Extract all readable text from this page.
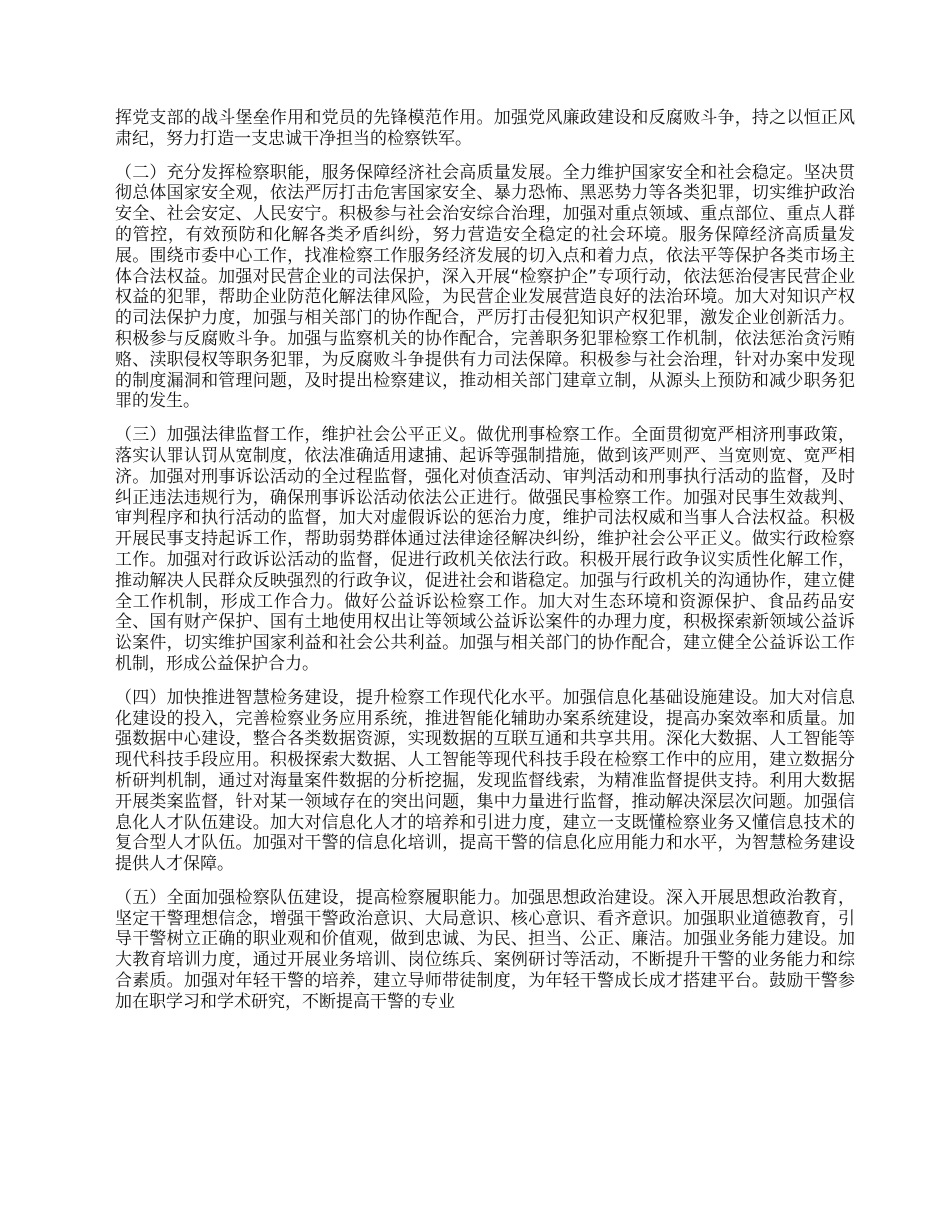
挥党支部的战斗堡垒作用和党员的先锋模范作用。加强党风廉政建设和反腐败斗争，持之以恒正风肃纪，努力打造一支忠诚干净担当的检察铁军。

（二）充分发挥检察职能，服务保障经济社会高质量发展。全力维护国家安全和社会稳定。坚决贯彻总体国家安全观，依法严厉打击危害国家安全、暴力恐怖、黑恶势力等各类犯罪，切实维护政治安全、社会安定、人民安宁。积极参与社会治安综合治理，加强对重点领域、重点部位、重点人群的管控，有效预防和化解各类矛盾纠纷，努力营造安全稳定的社会环境。服务保障经济高质量发展。围绕市委中心工作，找准检察工作服务经济发展的切入点和着力点，依法平等保护各类市场主体合法权益。加强对民营企业的司法保护，深入开展“检察护企”专项行动，依法惩治侵害民营企业权益的犯罪，帮助企业防范化解法律风险，为民营企业发展营造良好的法治环境。加大对知识产权的司法保护力度，加强与相关部门的协作配合，严厉打击侵犯知识产权犯罪，激发企业创新活力。积极参与反腐败斗争。加强与监察机关的协作配合，完善职务犯罪检察工作机制，依法惩治贪污贿赂、渎职侵权等职务犯罪，为反腐败斗争提供有力司法保障。积极参与社会治理，针对办案中发现的制度漏洞和管理问题，及时提出检察建议，推动相关部门建章立制，从源头上预防和减少职务犯罪的发生。

（三）加强法律监督工作，维护社会公平正义。做优刑事检察工作。全面贯彻宽严相济刑事政策，落实认罪认罚从宽制度，依法准确适用逮捕、起诉等强制措施，做到该严则严、当宽则宽、宽严相济。加强对刑事诉讼活动的全过程监督，强化对侦查活动、审判活动和刑事执行活动的监督，及时纠正违法违规行为，确保刑事诉讼活动依法公正进行。做强民事检察工作。加强对民事生效裁判、审判程序和执行活动的监督，加大对虚假诉讼的惩治力度，维护司法权威和当事人合法权益。积极开展民事支持起诉工作，帮助弱势群体通过法律途径解决纠纷，维护社会公平正义。做实行政检察工作。加强对行政诉讼活动的监督，促进行政机关依法行政。积极开展行政争议实质性化解工作，推动解决人民群众反映强烈的行政争议，促进社会和谐稳定。加强与行政机关的沟通协作，建立健全工作机制，形成工作合力。做好公益诉讼检察工作。加大对生态环境和资源保护、食品药品安全、国有财产保护、国有土地使用权出让等领域公益诉讼案件的办理力度，积极探索新领域公益诉讼案件，切实维护国家利益和社会公共利益。加强与相关部门的协作配合，建立健全公益诉讼工作机制，形成公益保护合力。

（四）加快推进智慧检务建设，提升检察工作现代化水平。加强信息化基础设施建设。加大对信息化建设的投入，完善检察业务应用系统，推进智能化辅助办案系统建设，提高办案效率和质量。加强数据中心建设，整合各类数据资源，实现数据的互联互通和共享共用。深化大数据、人工智能等现代科技手段应用。积极探索大数据、人工智能等现代科技手段在检察工作中的应用，建立数据分析研判机制，通过对海量案件数据的分析挖掘，发现监督线索，为精准监督提供支持。利用大数据开展类案监督，针对某一领域存在的突出问题，集中力量进行监督，推动解决深层次问题。加强信息化人才队伍建设。加大对信息化人才的培养和引进力度，建立一支既懂检察业务又懂信息技术的复合型人才队伍。加强对干警的信息化培训，提高干警的信息化应用能力和水平，为智慧检务建设提供人才保障。

（五）全面加强检察队伍建设，提高检察履职能力。加强思想政治建设。深入开展思想政治教育，坚定干警理想信念，增强干警政治意识、大局意识、核心意识、看齐意识。加强职业道德教育，引导干警树立正确的职业观和价值观，做到忠诚、为民、担当、公正、廉洁。加强业务能力建设。加大教育培训力度，通过开展业务培训、岗位练兵、案例研讨等活动，不断提升干警的业务能力和综合素质。加强对年轻干警的培养，建立导师带徒制度，为年轻干警成长成才搭建平台。鼓励干警参加在职学习和学术研究，不断提高干警的专业
